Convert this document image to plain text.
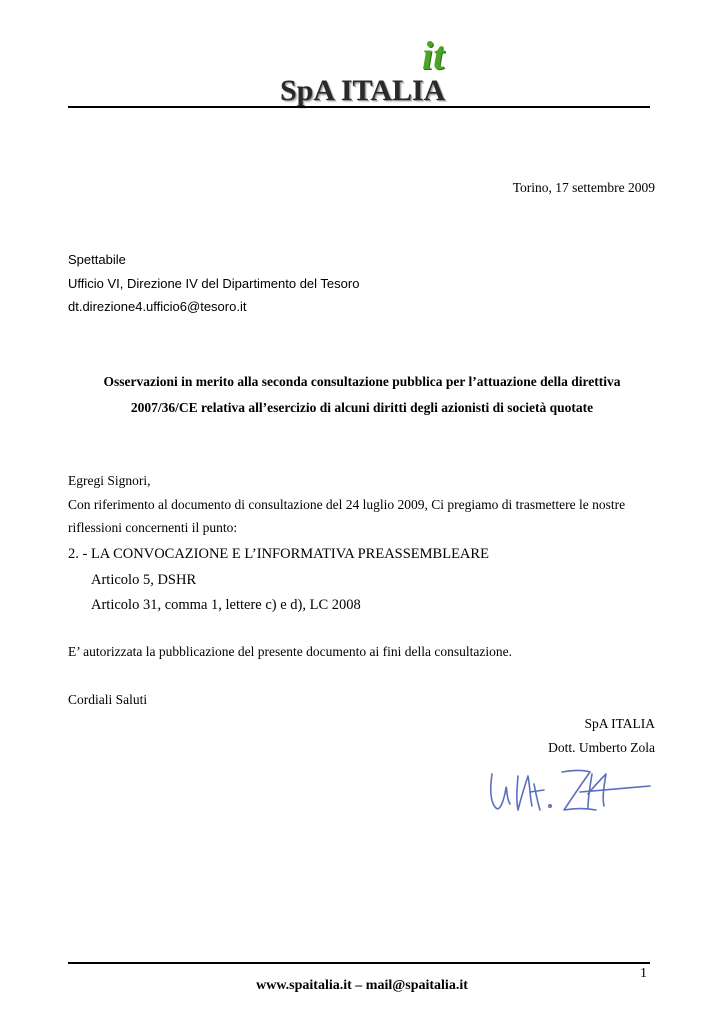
it
SpA ITALIA
Torino, 17 settembre 2009
Spettabile
Ufficio VI, Direzione IV del Dipartimento del Tesoro
dt.direzione4.ufficio6@tesoro.it
Osservazioni in merito alla seconda consultazione pubblica per l’attuazione della direttiva
2007/36/CE relativa all’esercizio di alcuni diritti degli azionisti di società quotate
Egregi Signori,
Con riferimento al documento di consultazione del 24 luglio 2009, Ci pregiamo di trasmettere le nostre
riflessioni concernenti il punto:
2. - LA CONVOCAZIONE E L’INFORMATIVA PREASSEMBLEARE
Articolo 5, DSHR
Articolo 31, comma 1, lettere c) e d), LC 2008
E’ autorizzata la pubblicazione del presente documento ai fini della consultazione.
Cordiali Saluti
SpA ITALIA
Dott. Umberto Zola
1
www.spaitalia.it – mail@spaitalia.it
